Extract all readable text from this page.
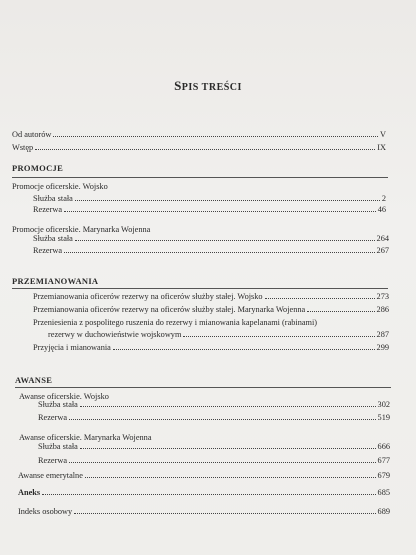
SPIS TREŚCI
Od autorów	V
Wstęp	IX
PROMOCJE
Promocje oficerskie. Wojsko
Służba stała	2
Rezerwa	46
Promocje oficerskie. Marynarka Wojenna
Służba stała	264
Rezerwa	267
PRZEMIANOWANIA
Przemianowania oficerów rezerwy na oficerów służby stałej. Wojsko	273
Przemianowania oficerów rezerwy na oficerów służby stałej. Marynarka Wojenna	286
Przeniesienia z pospolitego ruszenia do rezerwy i mianowania kapelanami (rabinami)
rezerwy w duchowieństwie wojskowym	287
Przyjęcia i mianowania	299
AWANSE
Awanse oficerskie. Wojsko
Służba stała	302
Rezerwa	519
Awanse oficerskie. Marynarka Wojenna
Służba stała	666
Rezerwa	677
Awanse emerytalne	679
Aneks	685
Indeks osobowy	689
